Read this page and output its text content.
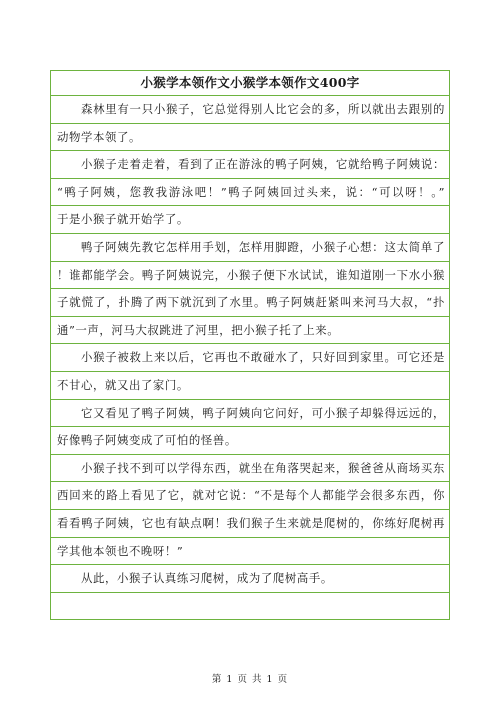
小猴学本领作文小猴学本领作文400字
森林里有一只小猴子，它总觉得别人比它会的多，所以就出去跟别的
动物学本领了。
小猴子走着走着，看到了正在游泳的鸭子阿姨，它就给鸭子阿姨说：
“鸭子阿姨，您教我游泳吧！”鸭子阿姨回过头来，说：“可以呀！。”
于是小猴子就开始学了。
鸭子阿姨先教它怎样用手划，怎样用脚蹬，小猴子心想：这太简单了
！谁都能学会。鸭子阿姨说完，小猴子便下水试试，谁知道刚一下水小猴
子就慌了，扑腾了两下就沉到了水里。鸭子阿姨赶紧叫来河马大叔，“扑
通”一声，河马大叔跳进了河里，把小猴子托了上来。
小猴子被救上来以后，它再也不敢碰水了，只好回到家里。可它还是
不甘心，就又出了家门。
它又看见了鸭子阿姨，鸭子阿姨向它问好，可小猴子却躲得远远的，
好像鸭子阿姨变成了可怕的怪兽。
小猴子找不到可以学得东西，就坐在角落哭起来，猴爸爸从商场买东
西回来的路上看见了它，就对它说：“不是每个人都能学会很多东西，你
看看鸭子阿姨，它也有缺点啊！我们猴子生来就是爬树的，你练好爬树再
学其他本领也不晚呀！”
从此，小猴子认真练习爬树，成为了爬树高手。
第 1 页 共 1 页
